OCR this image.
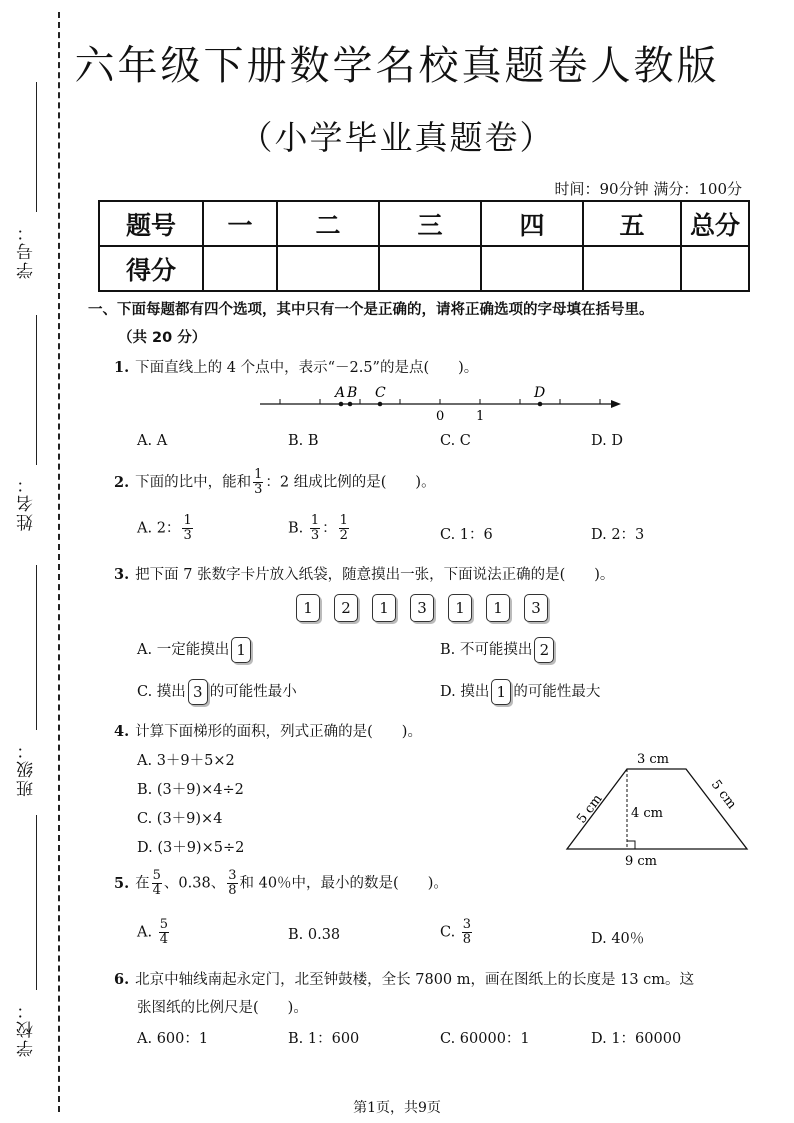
学号：
姓名：
班级：
学校：
六年级下册数学名校真题卷人教版
（小学毕业真题卷）
时间：90分钟 满分：100分
题号	一	二	三	四	五	总分
得分						
一、下面每题都有四个选项，其中只有一个是正确的，请将正确选项的字母填在括号里。
（共 20 分）
1. 下面直线上的 4 个点中，表示“－2.5”的是点(　　)。
A B C	D
0 1
A. A	B. B	C. C	D. D
2. 下面的比中，能和 $\frac{1}{3}$ ：2 组成比例的是(　　)。
A. 2： $\frac{1}{3}$	B. $\frac{1}{3}$ ： $\frac{1}{2}$	C. 1：6	D. 2：3
3. 把下面 7 张数字卡片放入纸袋，随意摸出一张，下面说法正确的是(　　)。
1 2 1 3 1 1 3
A. 一定能摸出 1	B. 不可能摸出 2
C. 摸出 3 的可能性最小	D. 摸出 1 的可能性最大
4. 计算下面梯形的面积，列式正确的是(　　)。
A. 3＋9＋5×2
B. (3＋9)×4÷2
C. (3＋9)×4
D. (3＋9)×5÷2
3 cm
4 cm
9 cm
5 cm	5 cm
5. 在 $\frac{5}{4}$ 、0.38、 $\frac{3}{8}$ 和 40％中，最小的数是(　　)。
A. $\frac{5}{4}$	B. 0.38	C. $\frac{3}{8}$	D. 40％
6. 北京中轴线南起永定门，北至钟鼓楼，全长 7800 m，画在图纸上的长度是 13 cm。这
张图纸的比例尺是(　　)。
A. 600：1	B. 1：600	C. 60000：1	D. 1：60000
第1页，共9页
